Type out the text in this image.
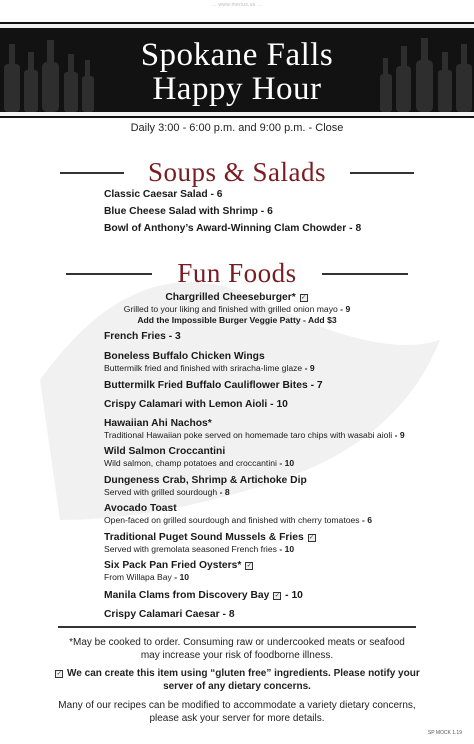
... www.menus.us ...
Spokane Falls
Happy Hour
Daily 3:00 - 6:00 p.m. and 9:00 p.m. - Close
Soups & Salads
Classic Caesar Salad - 6
Blue Cheese Salad with Shrimp - 6
Bowl of Anthony’s Award-Winning Clam Chowder - 8
Fun Foods
Chargrilled Cheeseburger* ✓
Grilled to your liking and finished with grilled onion mayo - 9
Add the Impossible Burger Veggie Patty - Add $3
French Fries - 3
Boneless Buffalo Chicken Wings
Buttermilk fried and finished with sriracha-lime glaze - 9
Buttermilk Fried Buffalo Cauliflower Bites - 7
Crispy Calamari with Lemon Aioli - 10
Hawaiian Ahi Nachos*
Traditional Hawaiian poke served on homemade taro chips with wasabi aioli - 9
Wild Salmon Croccantini
Wild salmon, champ potatoes and croccantini - 10
Dungeness Crab, Shrimp & Artichoke Dip
Served with grilled sourdough - 8
Avocado Toast
Open-faced on grilled sourdough and finished with cherry tomatoes - 6
Traditional Puget Sound Mussels & Fries ✓
Served with gremolata seasoned French fries - 10
Six Pack Pan Fried Oysters* ✓
From Willapa Bay - 10
Manila Clams from Discovery Bay ✓ - 10
Crispy Calamari Caesar - 8
*May be cooked to order. Consuming raw or undercooked meats or seafood
may increase your risk of foodborne illness.
✓ We can create this item using “gluten free” ingredients. Please notify your
server of any dietary concerns.
Many of our recipes can be modified to accommodate a variety dietary concerns,
please ask your server for more details.
SP MOCK 1.19
